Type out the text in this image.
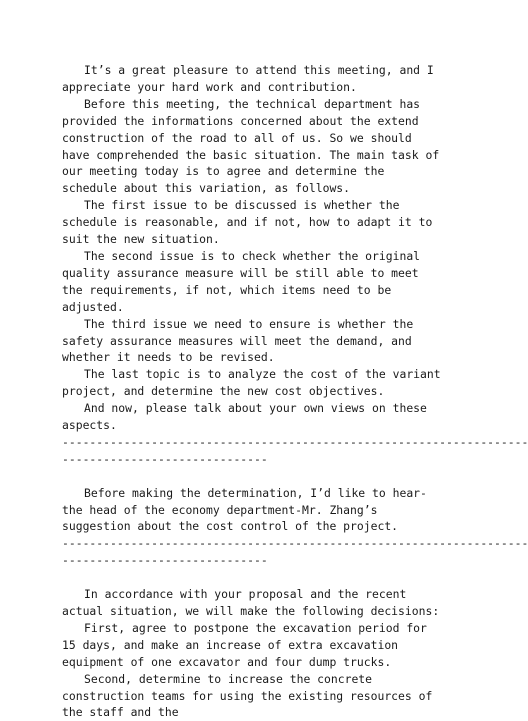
It’s a great pleasure to attend this meeting, and I appreciate your hard work and contribution.

Before this meeting, the technical department has provided the informations concerned about the extend construction of the road to all of us. So we should have comprehended the basic situation. The main task of our meeting today is to agree and determine the schedule about this variation, as follows.

The first issue to be discussed is whether the schedule is reasonable, and if not, how to adapt it to suit the new situation.

The second issue is to check whether the original quality assurance measure will be still able to meet the requirements, if not, which items need to be adjusted.

The third issue we need to ensure is whether the safety assurance measures will meet the demand, and whether it needs to be revised.

The last topic is to analyze the cost of the variant project, and determine the new cost objectives.

And now, please talk about your own views on these aspects.

--------------------------------------------------------------------
------------------------------

Before making the determination, I’d like to hear-the head of the economy department-Mr. Zhang’s suggestion about the cost control of the project.

--------------------------------------------------------------------
------------------------------

In accordance with your proposal and the recent actual situation, we will make the following decisions:

First, agree to postpone the excavation period for 15 days, and make an increase of extra excavation equipment of one excavator and four dump trucks.

Second, determine to increase the concrete construction teams for using the existing resources of the staff and the
